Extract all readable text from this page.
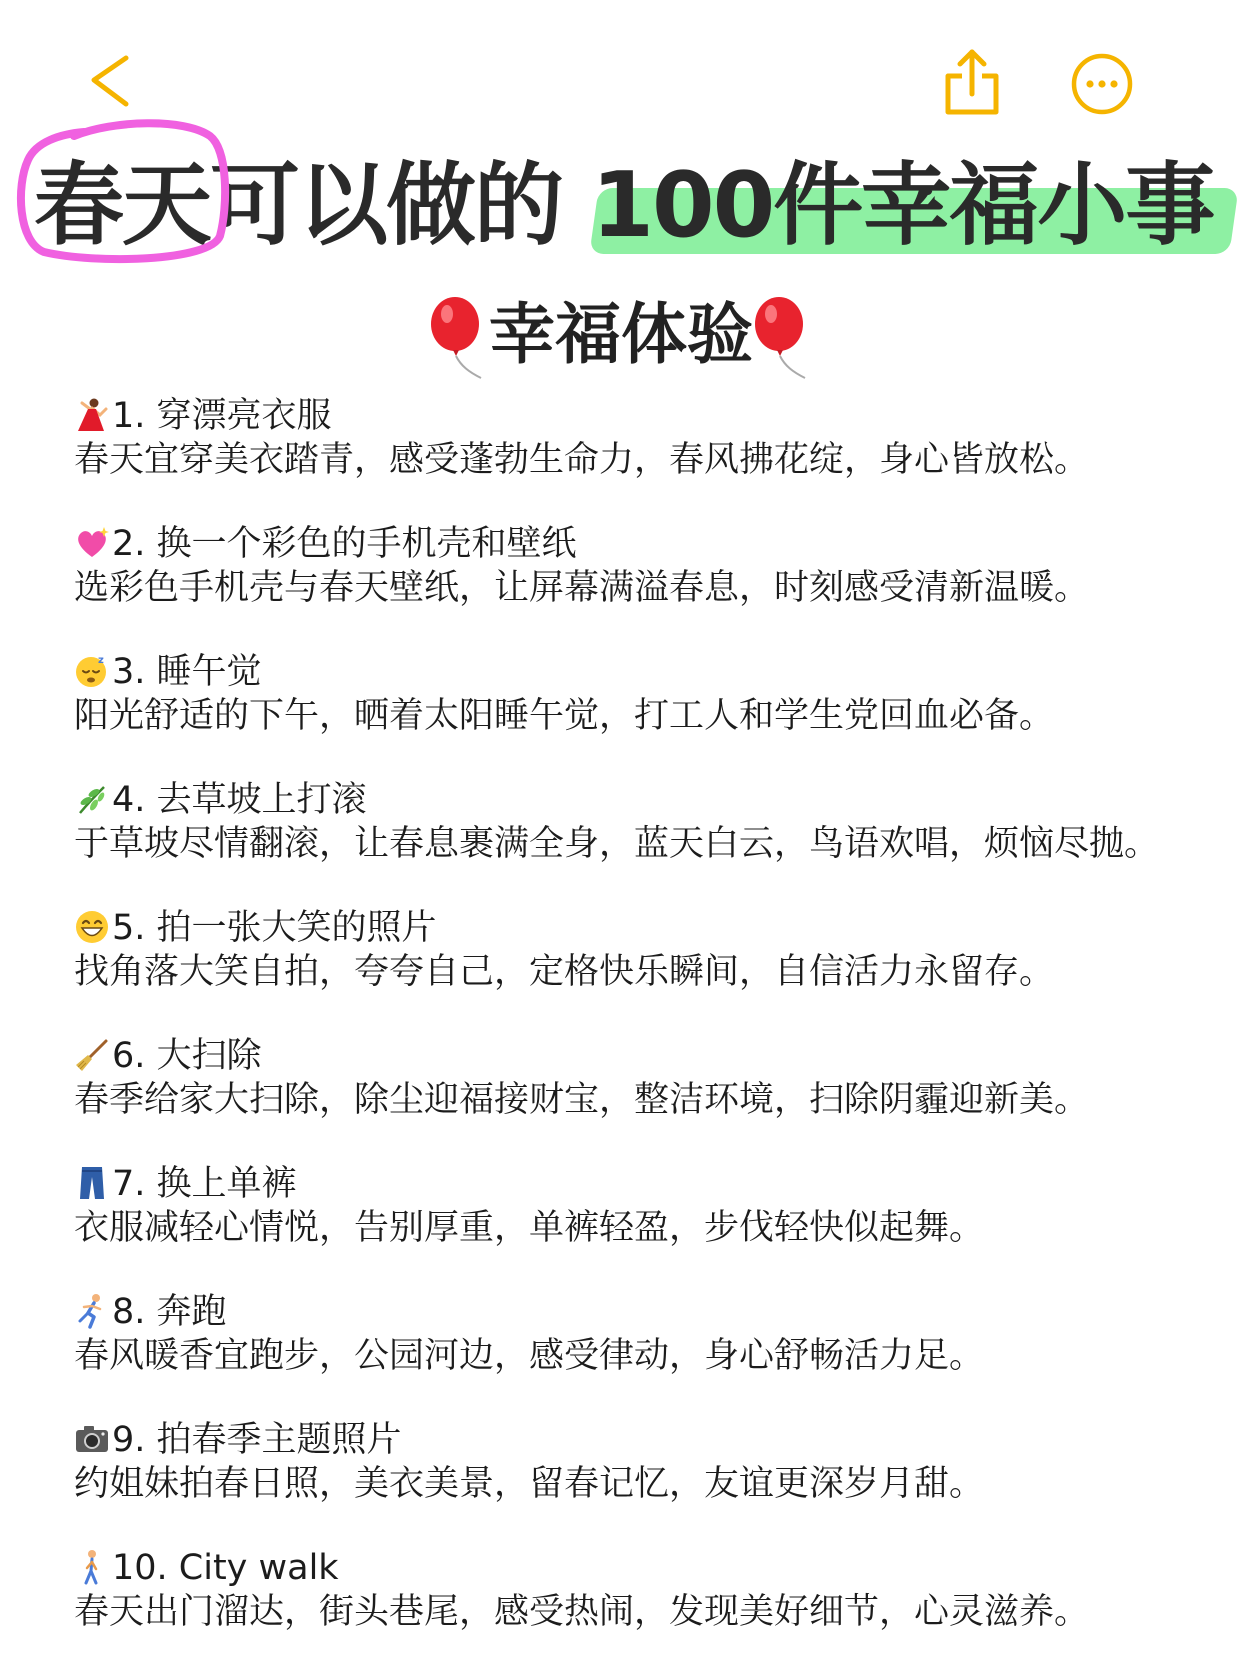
春天可以做的 100件幸福小事
幸福体验
1. 穿漂亮衣服
春天宜穿美衣踏青，感受蓬勃生命力，春风拂花绽，身心皆放松。
2. 换一个彩色的手机壳和壁纸
选彩色手机壳与春天壁纸，让屏幕满溢春息，时刻感受清新温暖。
z 3. 睡午觉
阳光舒适的下午，晒着太阳睡午觉，打工人和学生党回血必备。
4. 去草坡上打滚
于草坡尽情翻滚，让春息裹满全身，蓝天白云，鸟语欢唱，烦恼尽抛。
5. 拍一张大笑的照片
找角落大笑自拍，夸夸自己，定格快乐瞬间，自信活力永留存。
6. 大扫除
春季给家大扫除，除尘迎福接财宝，整洁环境，扫除阴霾迎新美。
7. 换上单裤
衣服减轻心情悦，告别厚重，单裤轻盈，步伐轻快似起舞。
8. 奔跑
春风暖香宜跑步，公园河边，感受律动，身心舒畅活力足。
9. 拍春季主题照片
约姐妹拍春日照，美衣美景，留春记忆，友谊更深岁月甜。
10. City walk
春天出门溜达，街头巷尾，感受热闹，发现美好细节，心灵滋养。
